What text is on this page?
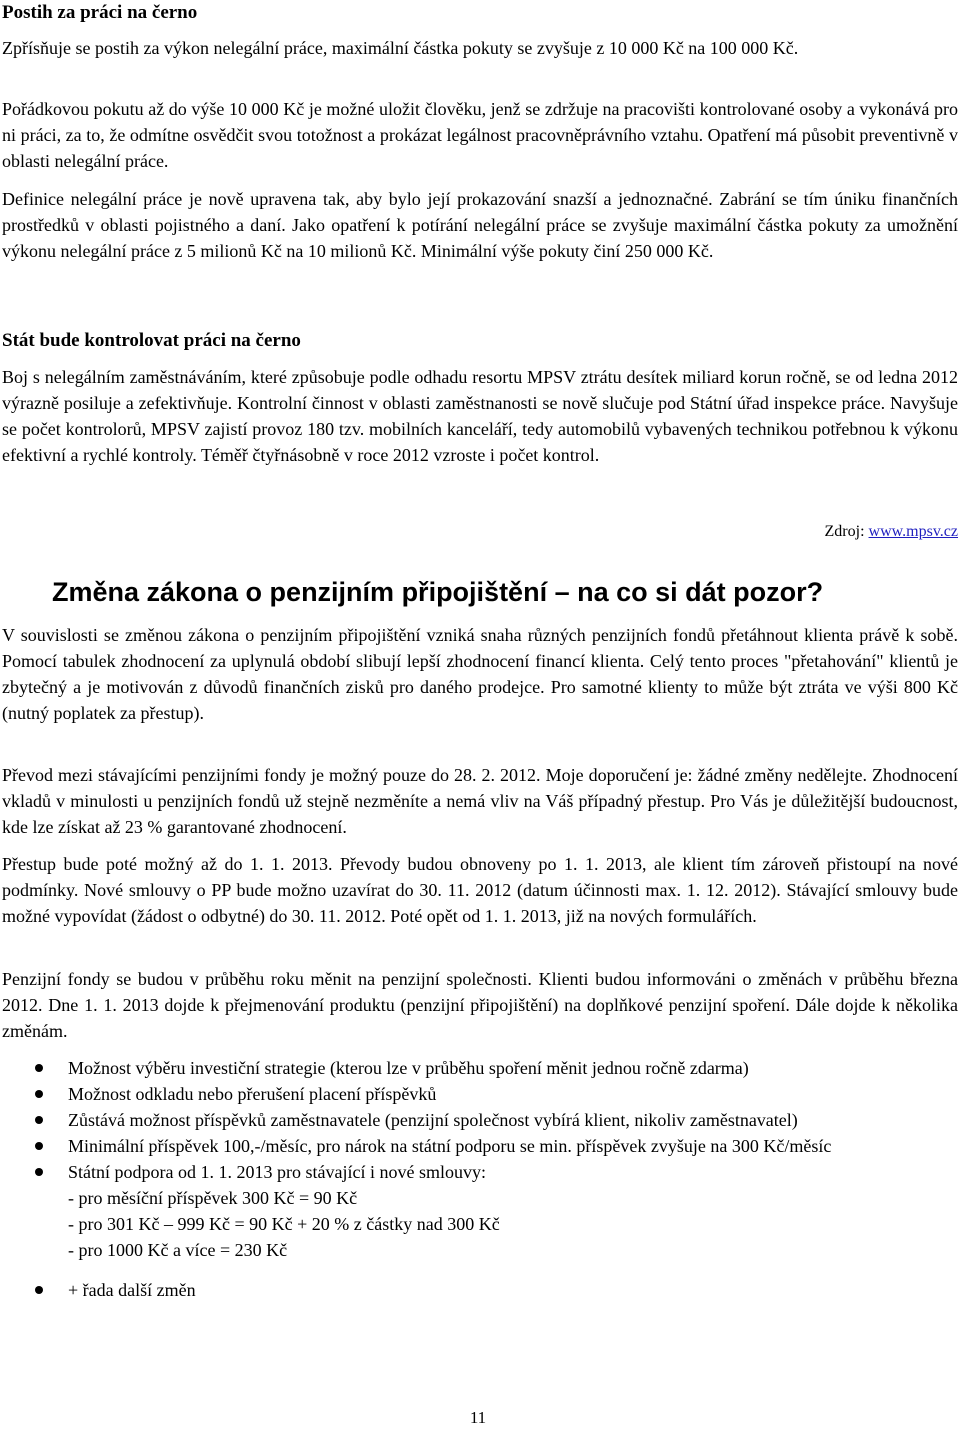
Postih za práci na černo

Zpřísňuje se postih za výkon nelegální práce, maximální částka pokuty se zvyšuje z 10 000 Kč na 100 000 Kč.

Pořádkovou pokutu až do výše 10 000 Kč je možné uložit člověku, jenž se zdržuje na pracovišti kontrolované osoby a vykonává pro ni práci, za to, že odmítne osvědčit svou totožnost a prokázat legálnost pracovněprávního vztahu. Opatření má působit preventivně v oblasti nelegální práce.

Definice nelegální práce je nově upravena tak, aby bylo její prokazování snazší a jednoznačné. Zabrání se tím úniku finančních prostředků v oblasti pojistného a daní. Jako opatření k potírání nelegální práce se zvyšuje maximální částka pokuty za umožnění výkonu nelegální práce z 5 milionů Kč na 10 milionů Kč. Minimální výše pokuty činí 250 000 Kč.

Stát bude kontrolovat práci na černo

Boj s nelegálním zaměstnáváním, které způsobuje podle odhadu resortu MPSV ztrátu desítek miliard korun ročně, se od ledna 2012 výrazně posiluje a zefektivňuje. Kontrolní činnost v oblasti zaměstnanosti se nově slučuje pod Státní úřad inspekce práce. Navyšuje se počet kontrolorů, MPSV zajistí provoz 180 tzv. mobilních kanceláří, tedy automobilů vybavených technikou potřebnou k výkonu efektivní a rychlé kontroly. Téměř čtyřnásobně v roce 2012 vzroste i počet kontrol.

Zdroj: www.mpsv.cz
Změna zákona o penzijním připojištění – na co si dát pozor?

V souvislosti se změnou zákona o penzijním připojištění vzniká snaha různých penzijních fondů přetáhnout klienta právě k sobě. Pomocí tabulek zhodnocení za uplynulá období slibují lepší zhodnocení financí klienta. Celý tento proces "přetahování" klientů je zbytečný a je motivován z důvodů finančních zisků pro daného prodejce. Pro samotné klienty to může být ztráta ve výši 800 Kč (nutný poplatek za přestup).

Převod mezi stávajícími penzijními fondy je možný pouze do 28. 2. 2012. Moje doporučení je: žádné změny nedělejte. Zhodnocení vkladů v minulosti u penzijních fondů už stejně nezměníte a nemá vliv na Váš případný přestup. Pro Vás je důležitější budoucnost, kde lze získat až 23 % garantované zhodnocení.

Přestup bude poté možný až do 1. 1. 2013. Převody budou obnoveny po 1. 1. 2013, ale klient tím zároveň přistoupí na nové podmínky. Nové smlouvy o PP bude možno uzavírat do 30. 11. 2012 (datum účinnosti max. 1. 12. 2012). Stávající smlouvy bude možné vypovídat (žádost o odbytné) do 30. 11. 2012. Poté opět od 1. 1. 2013, již na nových formulářích.

Penzijní fondy se budou v průběhu roku měnit na penzijní společnosti. Klienti budou informováni o změnách v průběhu března 2012. Dne 1. 1. 2013 dojde k přejmenování produktu (penzijní připojištění) na doplňkové penzijní spoření. Dále dojde k několika změnám.

Možnost výběru investiční strategie (kterou lze v průběhu spoření měnit jednou ročně zdarma)
Možnost odkladu nebo přerušení placení příspěvků
Zůstává možnost příspěvků zaměstnavatele (penzijní společnost vybírá klient, nikoliv zaměstnavatel)
Minimální příspěvek 100,-/měsíc, pro nárok na státní podporu se min. příspěvek zvyšuje na 300 Kč/měsíc
Státní podpora od 1. 1. 2013 pro stávající i nové smlouvy:
- pro měsíční příspěvek 300 Kč = 90 Kč
- pro 301 Kč – 999 Kč = 90 Kč + 20 % z částky nad 300 Kč
- pro 1000 Kč a více = 230 Kč
+ řada další změn
11
